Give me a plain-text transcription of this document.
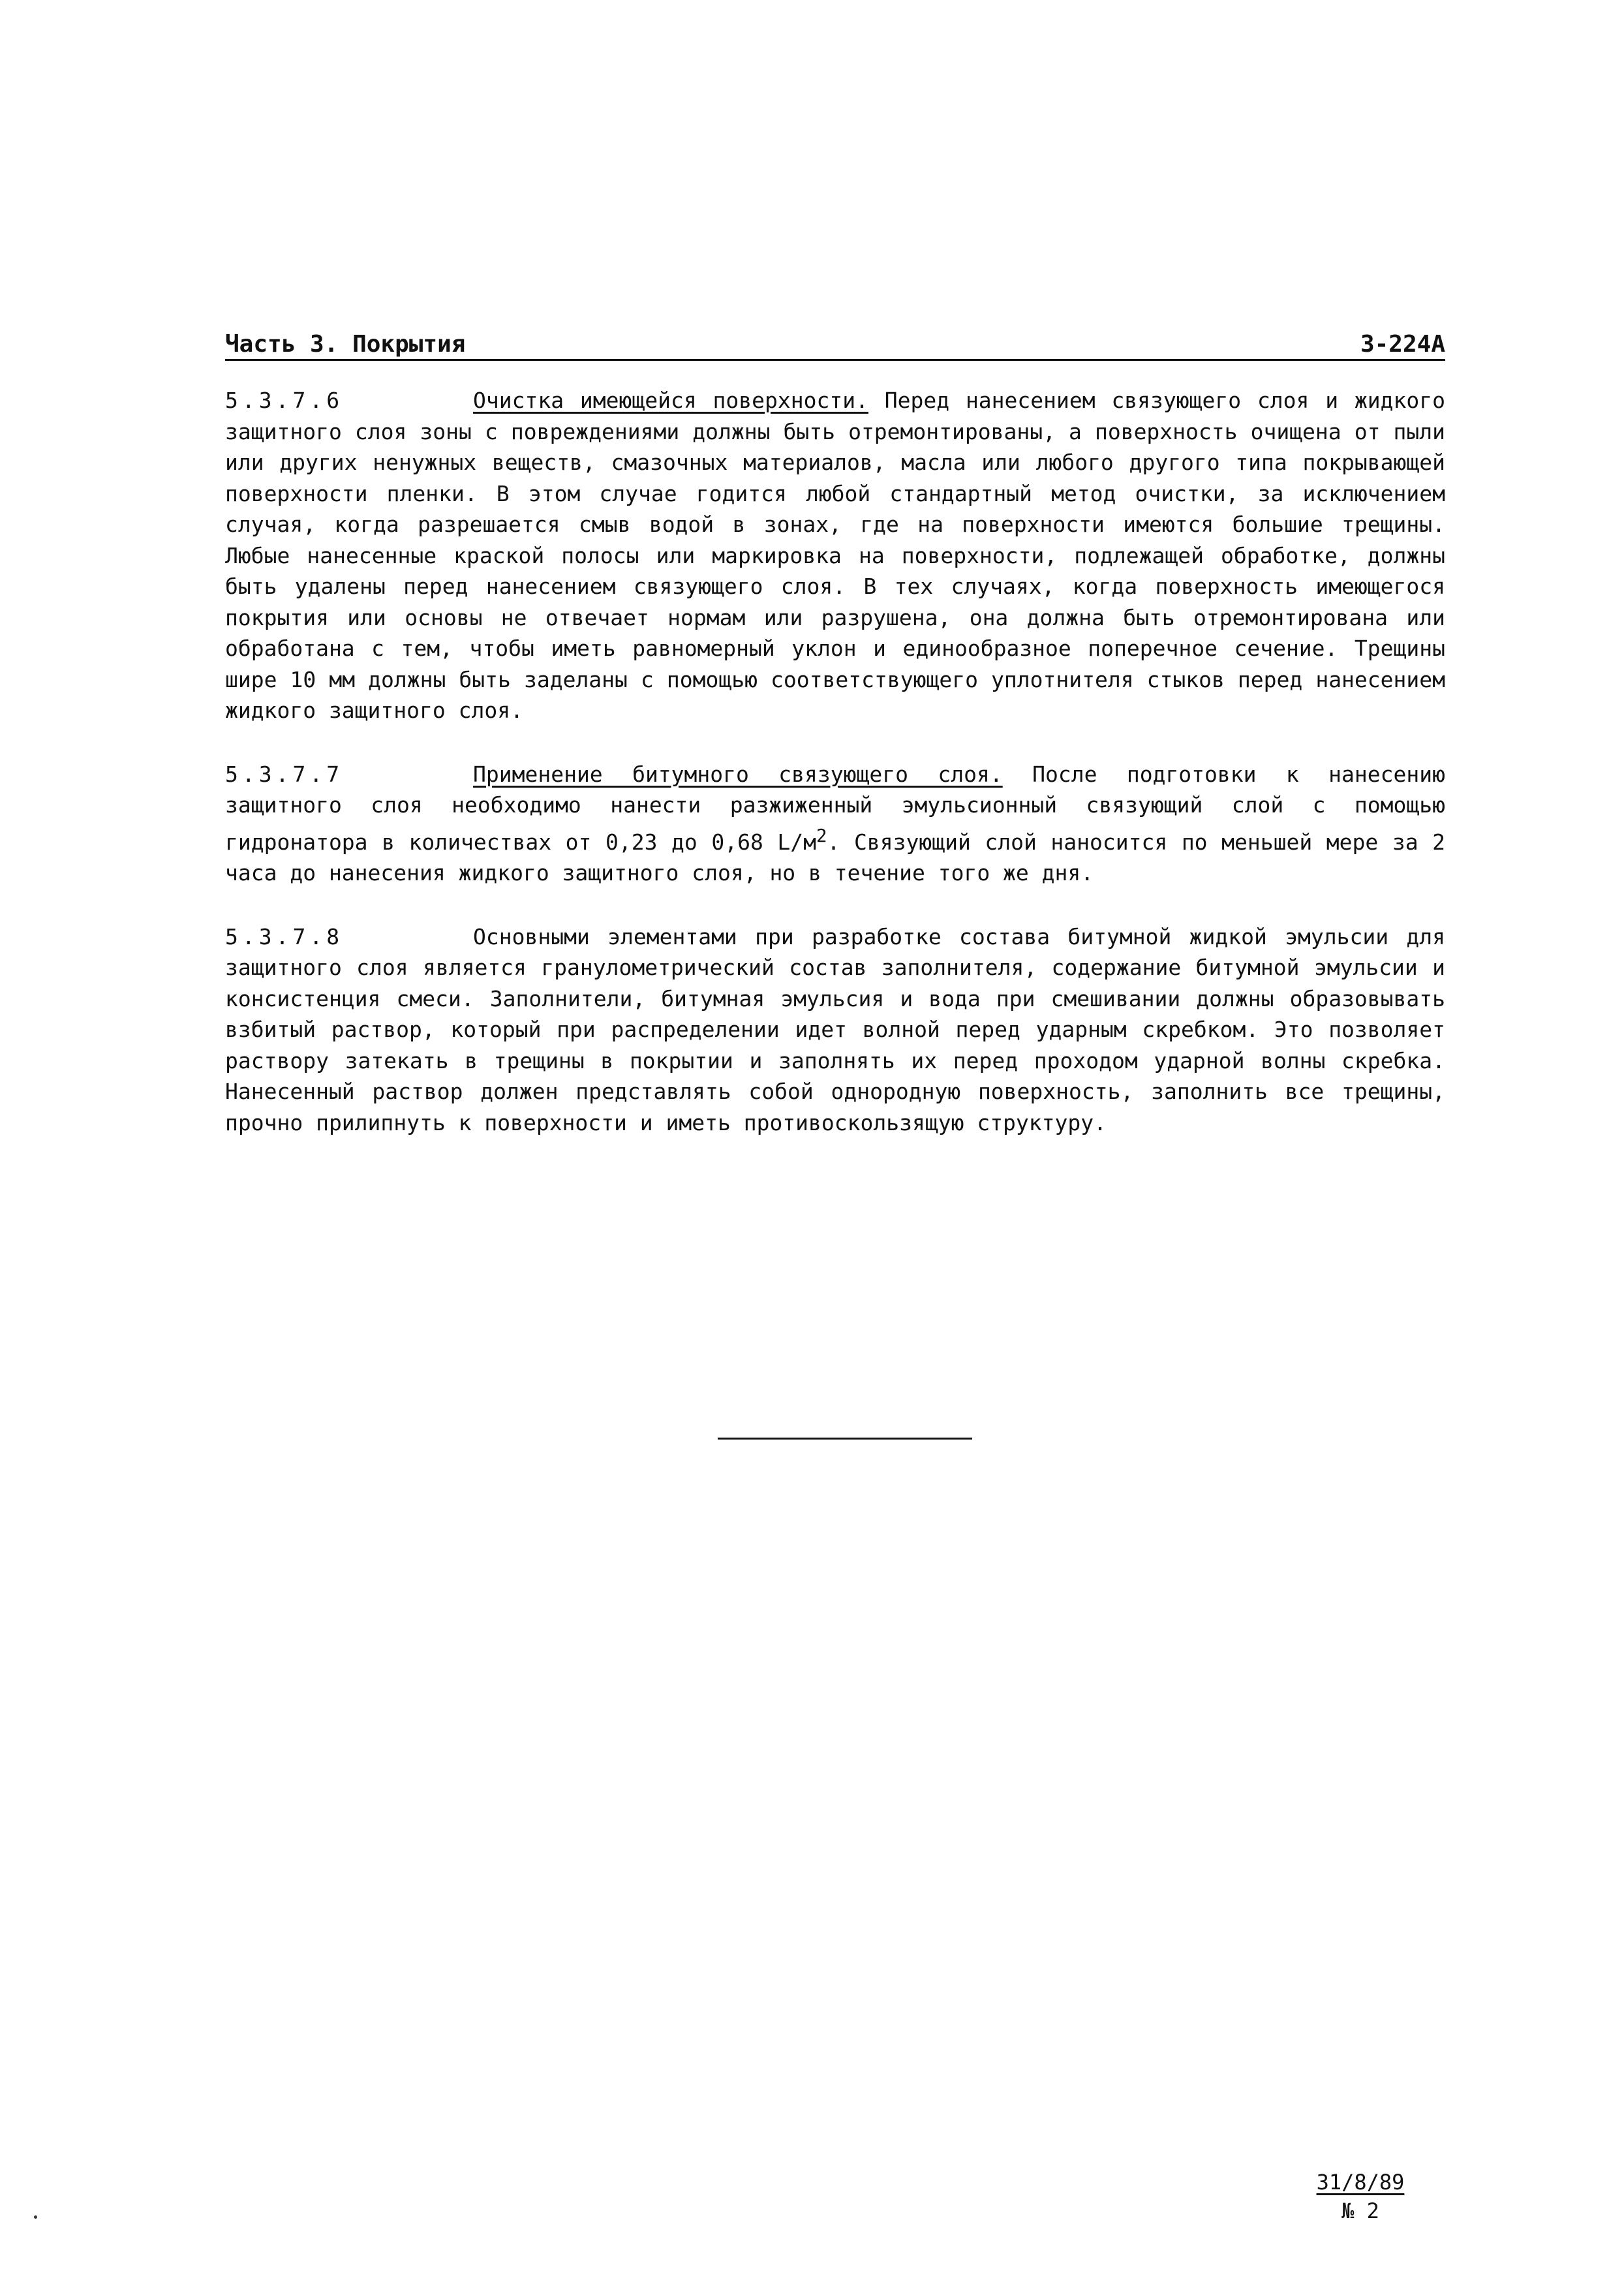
Часть 3. Покрытия	3-224A

5.3.7.6	Очистка имеющейся поверхности. Перед нанесением связующего слоя и жидкого защитного слоя зоны с повреждениями должны быть отремонтированы, а поверхность очищена от пыли или других ненужных веществ, смазочных материалов, масла или любого другого типа покрывающей поверхности пленки. В этом случае годится любой стандартный метод очистки, за исключением случая, когда разрешается смыв водой в зонах, где на поверхности имеются большие трещины. Любые нанесенные краской полосы или маркировка на поверхности, подлежащей обработке, должны быть удалены перед нанесением связующего слоя. В тех случаях, когда поверхность имеющегося покрытия или основы не отвечает нормам или разрушена, она должна быть отремонтирована или обработана с тем, чтобы иметь равномерный уклон и единообразное поперечное сечение. Трещины шире 10 мм должны быть заделаны с помощью соответствующего уплотнителя стыков перед нанесением жидкого защитного слоя.

5.3.7.7	Применение битумного связующего слоя. После подготовки к нанесению защитного слоя необходимо нанести разжиженный эмульсионный связующий слой с помощью гидронатора в количествах от 0,23 до 0,68 $L/м^2$. Связующий слой наносится по меньшей мере за 2 часа до нанесения жидкого защитного слоя, но в течение того же дня.

5.3.7.8	Основными элементами при разработке состава битумной жидкой эмульсии для защитного слоя является гранулометрический состав заполнителя, содержание битумной эмульсии и консистенция смеси. Заполнители, битумная эмульсия и вода при смешивании должны образовывать взбитый раствор, который при распределении идет волной перед ударным скребком. Это позволяет раствору затекать в трещины в покрытии и заполнять их перед проходом ударной волны скребка. Нанесенный раствор должен представлять собой однородную поверхность, заполнить все трещины, прочно прилипнуть к поверхности и иметь противоскользящую структуру.

31/8/89
№ 2
